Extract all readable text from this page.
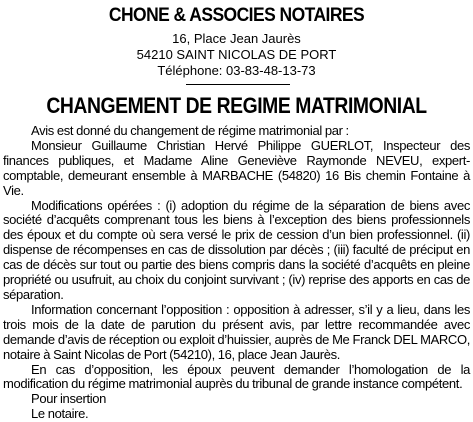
CHONE & ASSOCIES NOTAIRES
16, Place Jean Jaurès
54210 SAINT NICOLAS DE PORT
Téléphone: 03-83-48-13-73
CHANGEMENT DE REGIME MATRIMONIAL

Avis est donné du changement de régime matrimonial par :

Monsieur Guillaume Christian Hervé Philippe GUERLOT, Inspecteur des finances publiques, et Madame Aline Geneviève Raymonde NEVEU, expert-comptable, demeurant ensemble à MARBACHE (54820) 16 Bis chemin Fontaine à Vie.

Modifications opérées : (i) adoption du régime de la séparation de biens avec société d’acquêts comprenant tous les biens à l’exception des biens professionnels des époux et du compte où sera versé le prix de cession d’un bien professionnel. (ii) dispense de récompenses en cas de dissolution par décès ; (iii) faculté de préciput en cas de décès sur tout ou partie des biens compris dans la société d’acquêts en pleine propriété ou usufruit, au choix du conjoint survivant ; (iv) reprise des apports en cas de séparation.

Information concernant l’opposition : opposition à adresser, s’il y a lieu, dans les trois mois de la date de parution du présent avis, par lettre recommandée avec demande d’avis de réception ou exploit d’huissier, auprès de Me Franck DEL MARCO, notaire à Saint Nicolas de Port (54210), 16, place Jean Jaurès.

En cas d’opposition, les époux peuvent demander l’homologation de la modification du régime matrimonial auprès du tribunal de grande instance compétent.

Pour insertion

Le notaire.
